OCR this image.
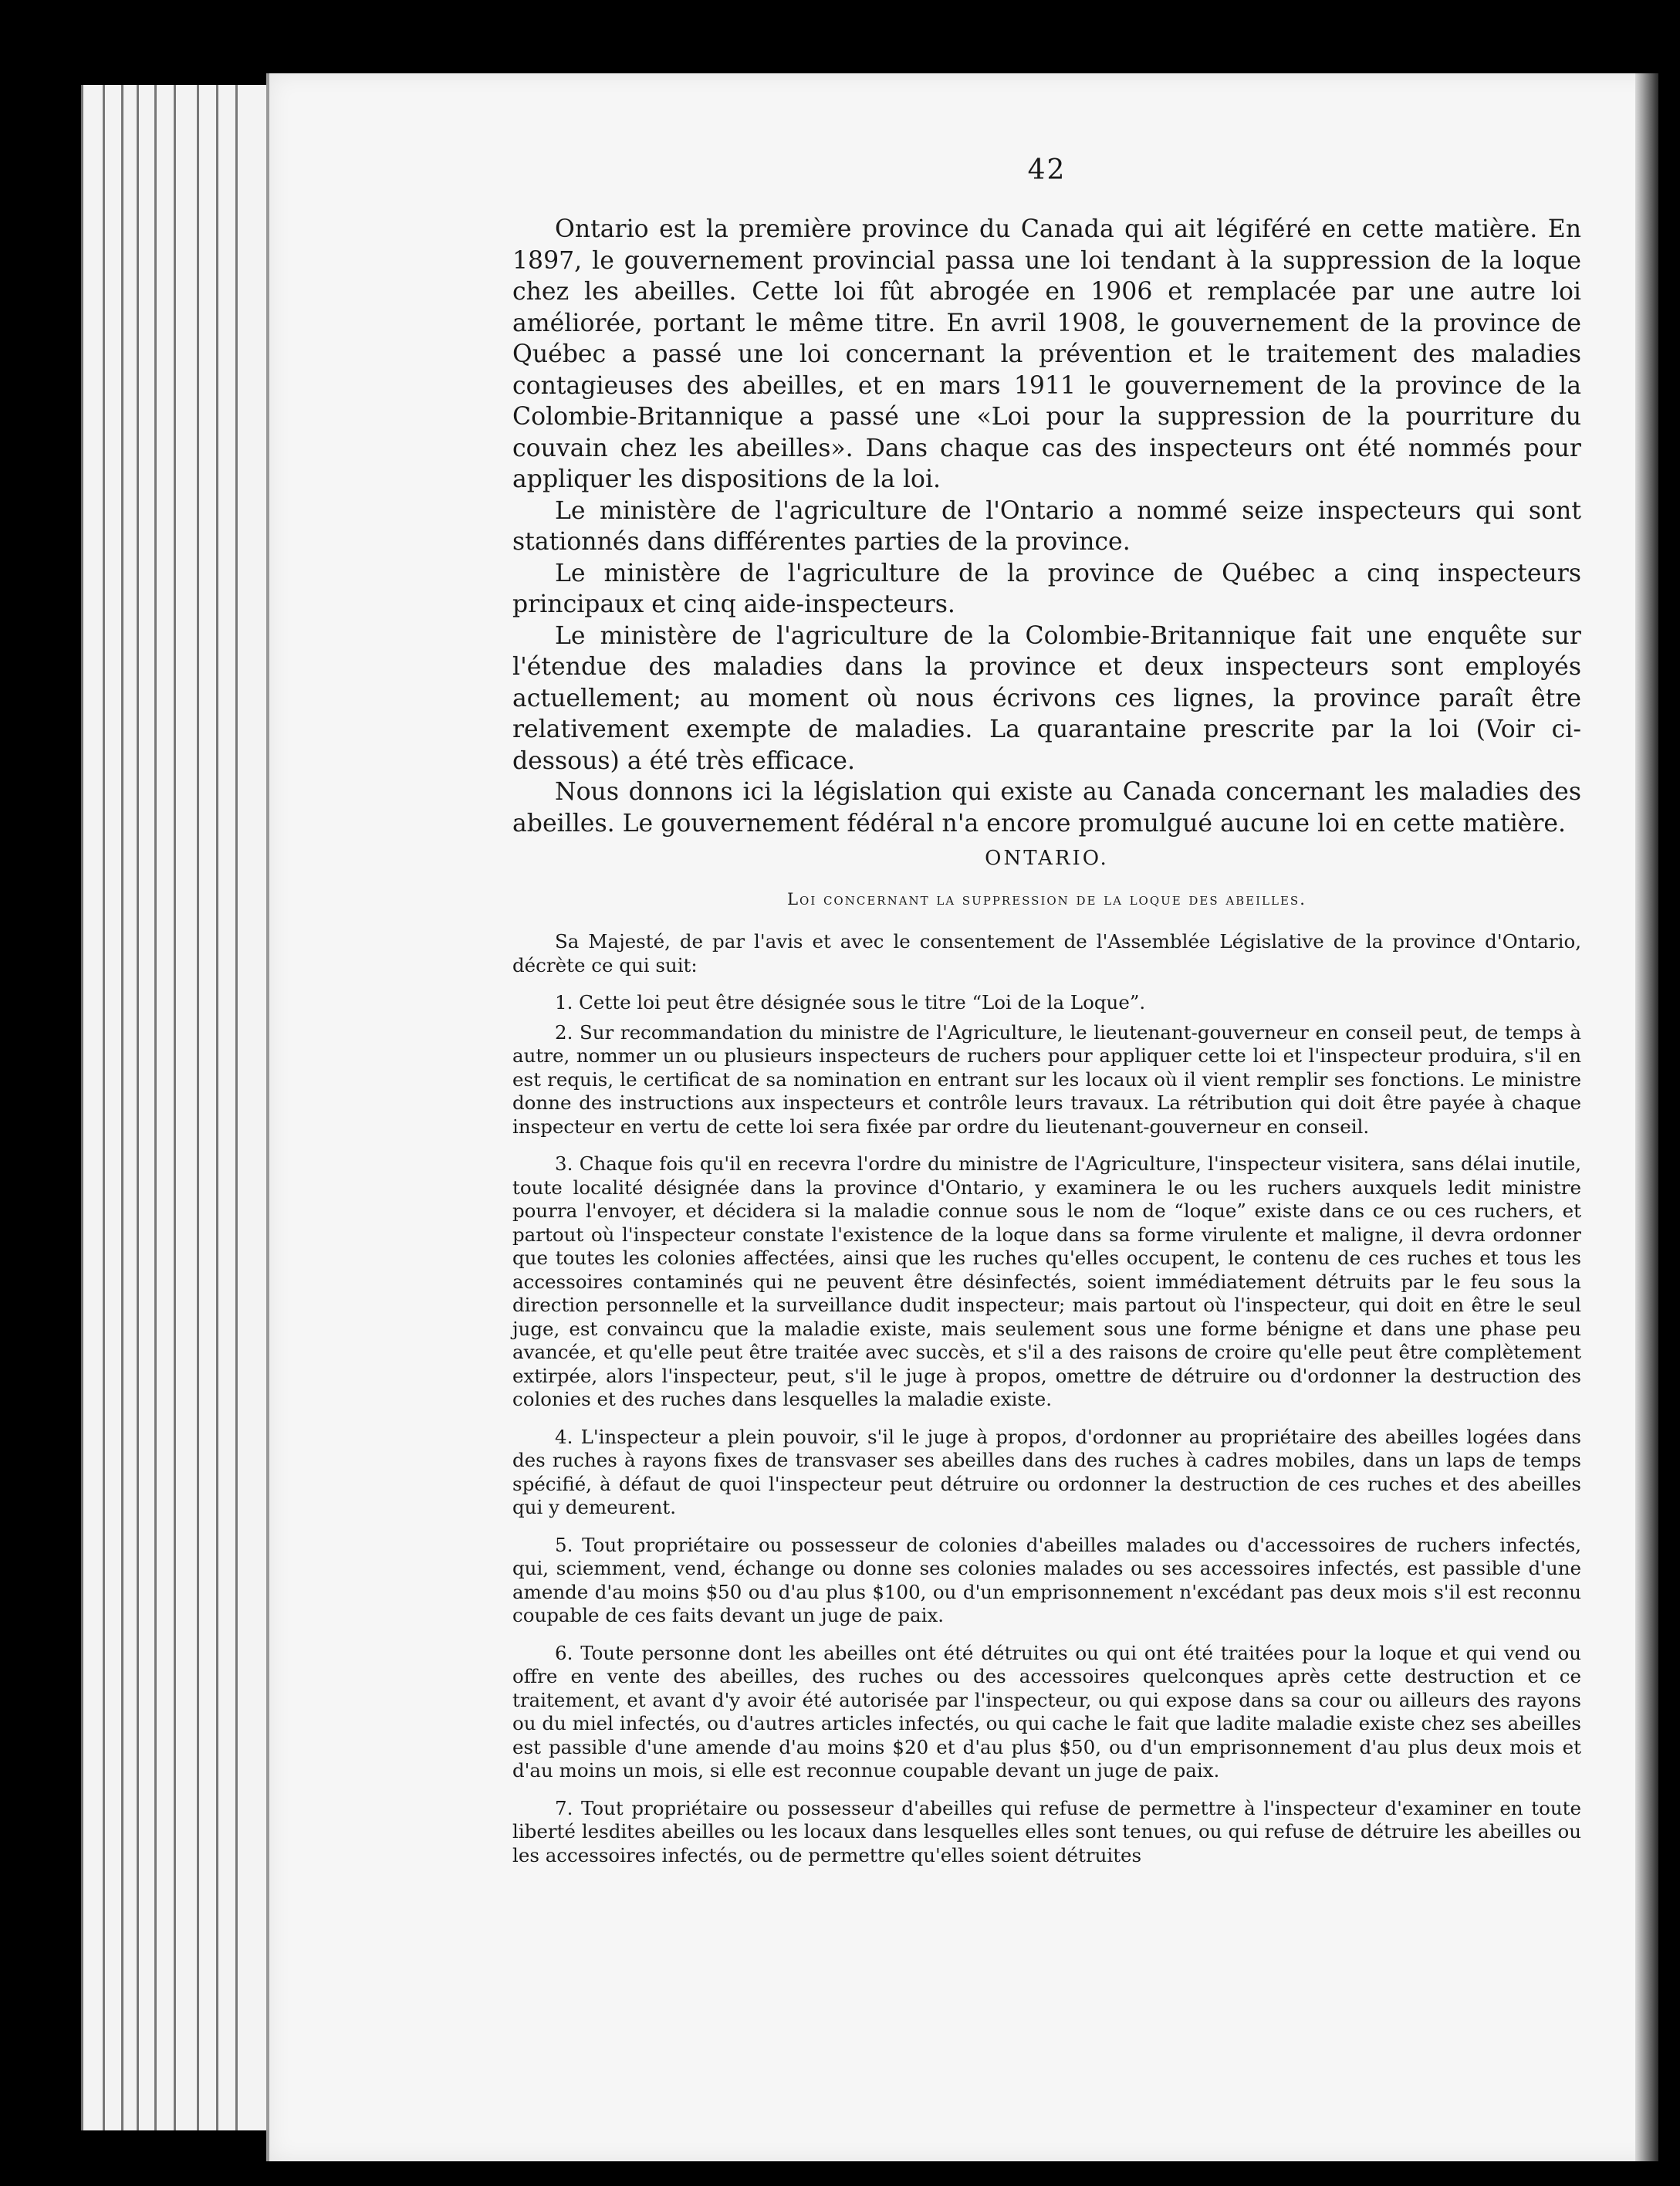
42

Ontario est la première province du Canada qui ait légiféré en cette matière. En 1897, le gouvernement provincial passa une loi tendant à la suppression de la loque chez les abeilles. Cette loi fût abrogée en 1906 et remplacée par une autre loi améliorée, portant le même titre. En avril 1908, le gouvernement de la province de Québec a passé une loi concernant la prévention et le traitement des maladies contagieuses des abeilles, et en mars 1911 le gouvernement de la province de la Colombie-Britannique a passé une «Loi pour la suppression de la pourriture du couvain chez les abeilles». Dans chaque cas des inspecteurs ont été nommés pour appliquer les dispositions de la loi.

Le ministère de l'agriculture de l'Ontario a nommé seize inspecteurs qui sont stationnés dans différentes parties de la province.

Le ministère de l'agriculture de la province de Québec a cinq inspecteurs principaux et cinq aide-inspecteurs.

Le ministère de l'agriculture de la Colombie-Britannique fait une enquête sur l'étendue des maladies dans la province et deux inspecteurs sont employés actuellement; au moment où nous écrivons ces lignes, la province paraît être relativement exempte de maladies. La quarantaine prescrite par la loi (Voir ci-dessous) a été très efficace.

Nous donnons ici la législation qui existe au Canada concernant les maladies des abeilles. Le gouvernement fédéral n'a encore promulgué aucune loi en cette matière.

ONTARIO.
Loi concernant la suppression de la loque des abeilles.

Sa Majesté, de par l'avis et avec le consentement de l'Assemblée Législative de la province d'Ontario, décrète ce qui suit:

1. Cette loi peut être désignée sous le titre “Loi de la Loque”.

2. Sur recommandation du ministre de l'Agriculture, le lieutenant-gouverneur en conseil peut, de temps à autre, nommer un ou plusieurs inspecteurs de ruchers pour appliquer cette loi et l'inspecteur produira, s'il en est requis, le certificat de sa nomination en entrant sur les locaux où il vient remplir ses fonctions. Le ministre donne des instructions aux inspecteurs et contrôle leurs travaux. La rétribution qui doit être payée à chaque inspecteur en vertu de cette loi sera fixée par ordre du lieutenant-gouverneur en conseil.

3. Chaque fois qu'il en recevra l'ordre du ministre de l'Agriculture, l'inspecteur visitera, sans délai inutile, toute localité désignée dans la province d'Ontario, y examinera le ou les ruchers auxquels ledit ministre pourra l'envoyer, et décidera si la maladie connue sous le nom de “loque” existe dans ce ou ces ruchers, et partout où l'inspecteur constate l'existence de la loque dans sa forme virulente et maligne, il devra ordonner que toutes les colonies affectées, ainsi que les ruches qu'elles occupent, le contenu de ces ruches et tous les accessoires contaminés qui ne peuvent être désinfectés, soient immédiatement détruits par le feu sous la direction personnelle et la surveillance dudit inspecteur; mais partout où l'inspecteur, qui doit en être le seul juge, est convaincu que la maladie existe, mais seulement sous une forme bénigne et dans une phase peu avancée, et qu'elle peut être traitée avec succès, et s'il a des raisons de croire qu'elle peut être complètement extirpée, alors l'inspecteur, peut, s'il le juge à propos, omettre de détruire ou d'ordonner la destruction des colonies et des ruches dans lesquelles la maladie existe.

4. L'inspecteur a plein pouvoir, s'il le juge à propos, d'ordonner au propriétaire des abeilles logées dans des ruches à rayons fixes de transvaser ses abeilles dans des ruches à cadres mobiles, dans un laps de temps spécifié, à défaut de quoi l'inspecteur peut détruire ou ordonner la destruction de ces ruches et des abeilles qui y demeurent.

5. Tout propriétaire ou possesseur de colonies d'abeilles malades ou d'accessoires de ruchers infectés, qui, sciemment, vend, échange ou donne ses colonies malades ou ses accessoires infectés, est passible d'une amende d'au moins $50 ou d'au plus $100, ou d'un emprisonnement n'excédant pas deux mois s'il est reconnu coupable de ces faits devant un juge de paix.

6. Toute personne dont les abeilles ont été détruites ou qui ont été traitées pour la loque et qui vend ou offre en vente des abeilles, des ruches ou des accessoires quelconques après cette destruction et ce traitement, et avant d'y avoir été autorisée par l'inspecteur, ou qui expose dans sa cour ou ailleurs des rayons ou du miel infectés, ou d'autres articles infectés, ou qui cache le fait que ladite maladie existe chez ses abeilles est passible d'une amende d'au moins $20 et d'au plus $50, ou d'un emprisonnement d'au plus deux mois et d'au moins un mois, si elle est reconnue coupable devant un juge de paix.

7. Tout propriétaire ou possesseur d'abeilles qui refuse de permettre à l'inspecteur d'examiner en toute liberté lesdites abeilles ou les locaux dans lesquelles elles sont tenues, ou qui refuse de détruire les abeilles ou les accessoires infectés, ou de permettre qu'elles soient détruites
